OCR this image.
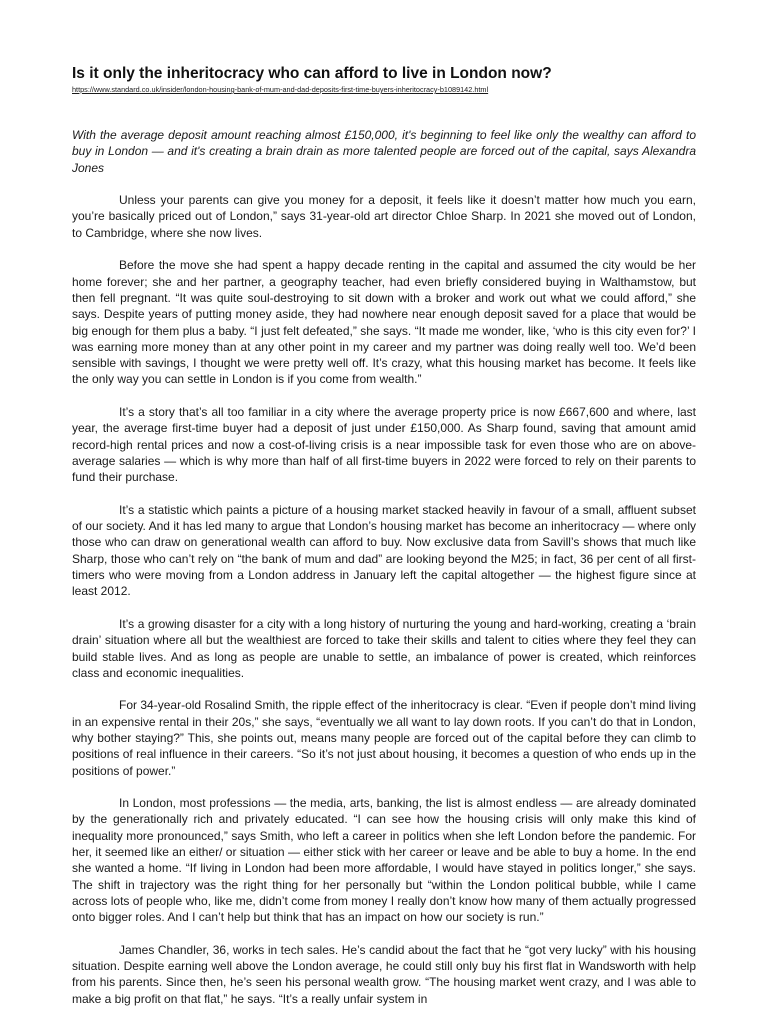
Is it only the inheritocracy who can afford to live in London now?
https://www.standard.co.uk/insider/london-housing-bank-of-mum-and-dad-deposits-first-time-buyers-inheritocracy-b1089142.html

With the average deposit amount reaching almost £150,000, it's beginning to feel like only the wealthy can afford to buy in London — and it's creating a brain drain as more talented people are forced out of the capital, says Alexandra Jones

Unless your parents can give you money for a deposit, it feels like it doesn’t matter how much you earn, you’re basically priced out of London,” says 31-year-old art director Chloe Sharp. In 2021 she moved out of London, to Cambridge, where she now lives.

Before the move she had spent a happy decade renting in the capital and assumed the city would be her home forever; she and her partner, a geography teacher, had even briefly considered buying in Walthamstow, but then fell pregnant. “It was quite soul-destroying to sit down with a broker and work out what we could afford,” she says. Despite years of putting money aside, they had nowhere near enough deposit saved for a place that would be big enough for them plus a baby. “I just felt defeated,” she says. “It made me wonder, like, ‘who is this city even for?’ I was earning more money than at any other point in my career and my partner was doing really well too. We’d been sensible with savings, I thought we were pretty well off. It’s crazy, what this housing market has become. It feels like the only way you can settle in London is if you come from wealth.”

It’s a story that’s all too familiar in a city where the average property price is now £667,600 and where, last year, the average first-time buyer had a deposit of just under £150,000. As Sharp found, saving that amount amid record-high rental prices and now a cost-of-living crisis is a near impossible task for even those who are on above-average salaries — which is why more than half of all first-time buyers in 2022 were forced to rely on their parents to fund their purchase.

It’s a statistic which paints a picture of a housing market stacked heavily in favour of a small, affluent subset of our society. And it has led many to argue that London’s housing market has become an inheritocracy — where only those who can draw on generational wealth can afford to buy. Now exclusive data from Savill’s shows that much like Sharp, those who can’t rely on “the bank of mum and dad” are looking beyond the M25; in fact, 36 per cent of all first-timers who were moving from a London address in January left the capital altogether — the highest figure since at least 2012.

It’s a growing disaster for a city with a long history of nurturing the young and hard-working, creating a ‘brain drain’ situation where all but the wealthiest are forced to take their skills and talent to cities where they feel they can build stable lives. And as long as people are unable to settle, an imbalance of power is created, which reinforces class and economic inequalities.

For 34-year-old Rosalind Smith, the ripple effect of the inheritocracy is clear. “Even if people don’t mind living in an expensive rental in their 20s,” she says, “eventually we all want to lay down roots. If you can’t do that in London, why bother staying?” This, she points out, means many people are forced out of the capital before they can climb to positions of real influence in their careers. “So it’s not just about housing, it becomes a question of who ends up in the positions of power.”

In London, most professions — the media, arts, banking, the list is almost endless — are already dominated by the generationally rich and privately educated. “I can see how the housing crisis will only make this kind of inequality more pronounced,” says Smith, who left a career in politics when she left London before the pandemic. For her, it seemed like an either/ or situation — either stick with her career or leave and be able to buy a home. In the end she wanted a home. “If living in London had been more affordable, I would have stayed in politics longer,” she says. The shift in trajectory was the right thing for her personally but “within the London political bubble, while I came across lots of people who, like me, didn’t come from money I really don’t know how many of them actually progressed onto bigger roles. And I can’t help but think that has an impact on how our society is run.”

James Chandler, 36, works in tech sales. He’s candid about the fact that he “got very lucky” with his housing situation. Despite earning well above the London average, he could still only buy his first flat in Wandsworth with help from his parents. Since then, he’s seen his personal wealth grow. “The housing market went crazy, and I was able to make a big profit on that flat,” he says. “It’s a really unfair system in
